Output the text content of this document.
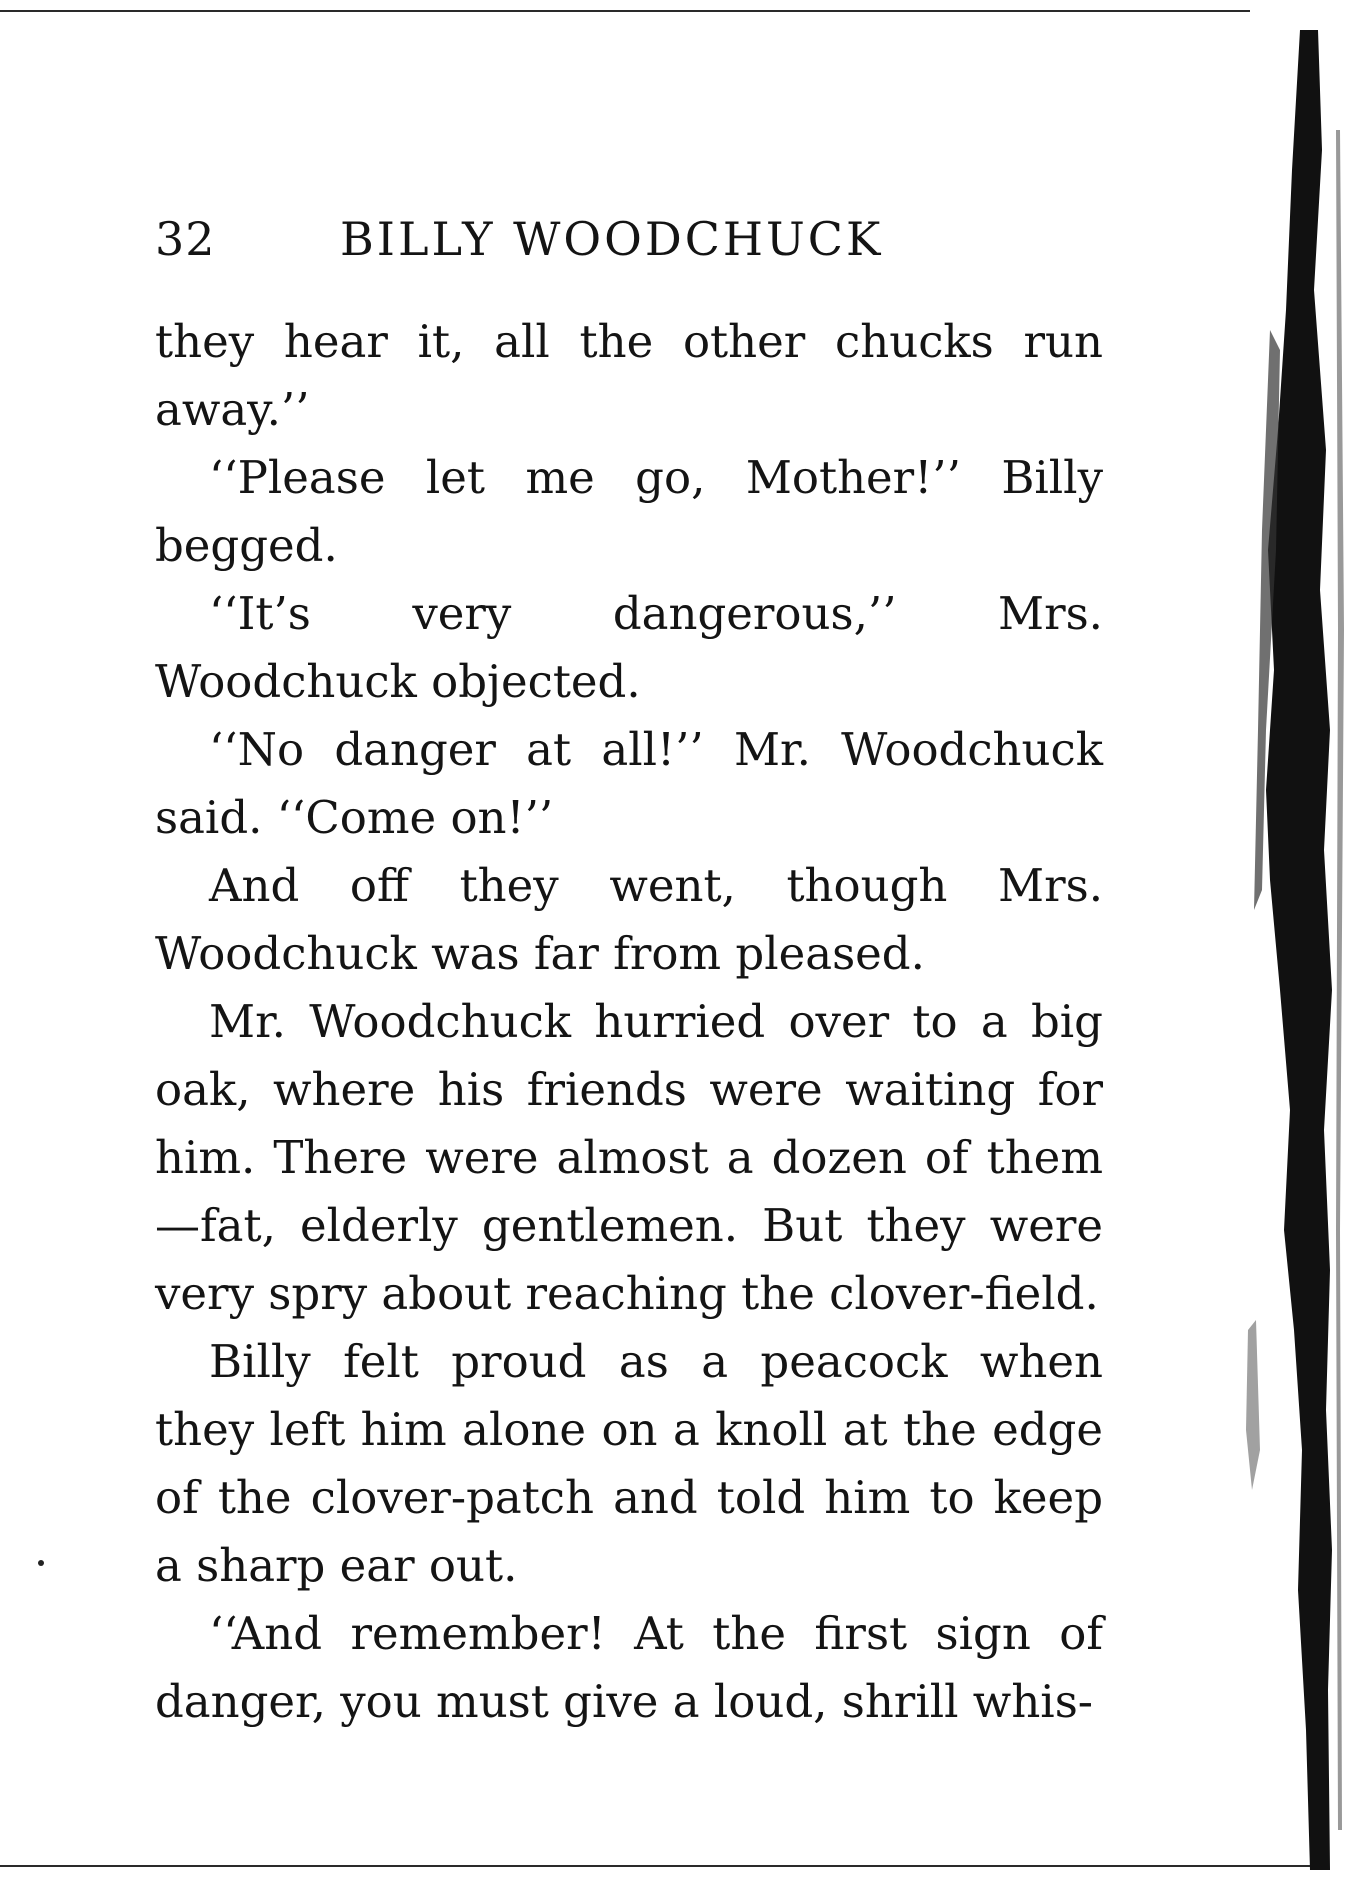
32	BILLY WOODCHUCK

they hear it, all the other chucks run away.’’

‘‘Please let me go, Mother!’’ Billy begged.

‘‘It’s very dangerous,’’ Mrs. Woodchuck objected.

‘‘No danger at all!’’ Mr. Woodchuck said. ‘‘Come on!’’

And off they went, though Mrs. Woodchuck was far from pleased.

Mr. Woodchuck hurried over to a big oak, where his friends were waiting for him. There were almost a dozen of them —fat, elderly gentlemen. But they were very spry about reaching the clover-field.

Billy felt proud as a peacock when they left him alone on a knoll at the edge of the clover-patch and told him to keep a sharp ear out.

‘‘And remember! At the first sign of danger, you must give a loud, shrill whis-
